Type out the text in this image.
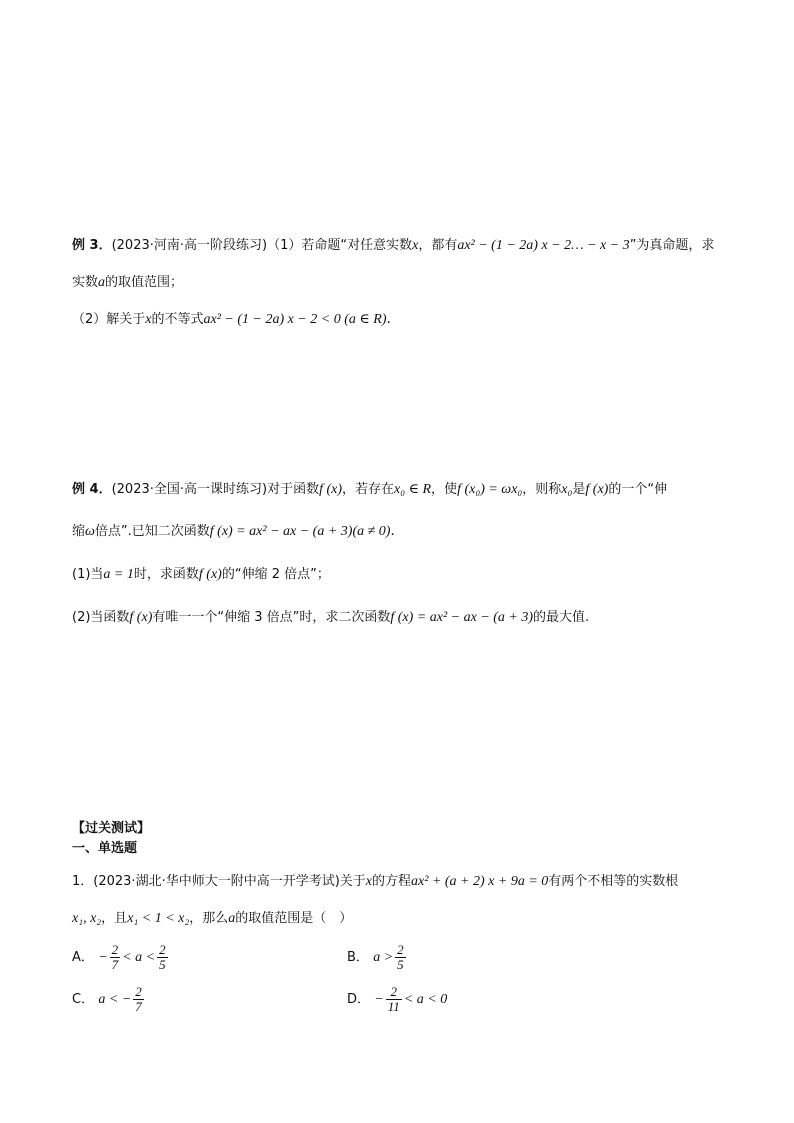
例 3．(2023·河南·高一阶段练习)（1）若命题“对任意实数x，都有ax² − (1 − 2a) x − 2… − x − 3”为真命题，求
实数a的取值范围；
（2）解关于x的不等式ax² − (1 − 2a) x − 2 < 0 (a ∈ R).
例 4．(2023·全国·高一课时练习)对于函数f (x)，若存在x₀ ∈ R，使f (x₀) = ωx₀，则称x₀是f (x)的一个“伸
缩ω倍点”.已知二次函数f (x) = ax² − ax − (a + 3)(a ≠ 0).
(1)当a = 1时，求函数f (x)的“伸缩 2 倍点”；
(2)当函数f (x)有唯一一个“伸缩 3 倍点”时，求二次函数f (x) = ax² − ax − (a + 3)的最大值.
【过关测试】
一、单选题
1．(2023·湖北·华中师大一附中高一开学考试)关于x的方程ax² + (a + 2) x + 9a = 0有两个不相等的实数根
x₁, x₂，且x₁ < 1 < x₂，那么a的取值范围是（　）
A． − $\frac{2}{7} < a < \frac{2}{5}$	B． $a > \frac{2}{5}$
C． a < − $\frac{2}{7}$	D． − $\frac{2}{11} < a < 0$
